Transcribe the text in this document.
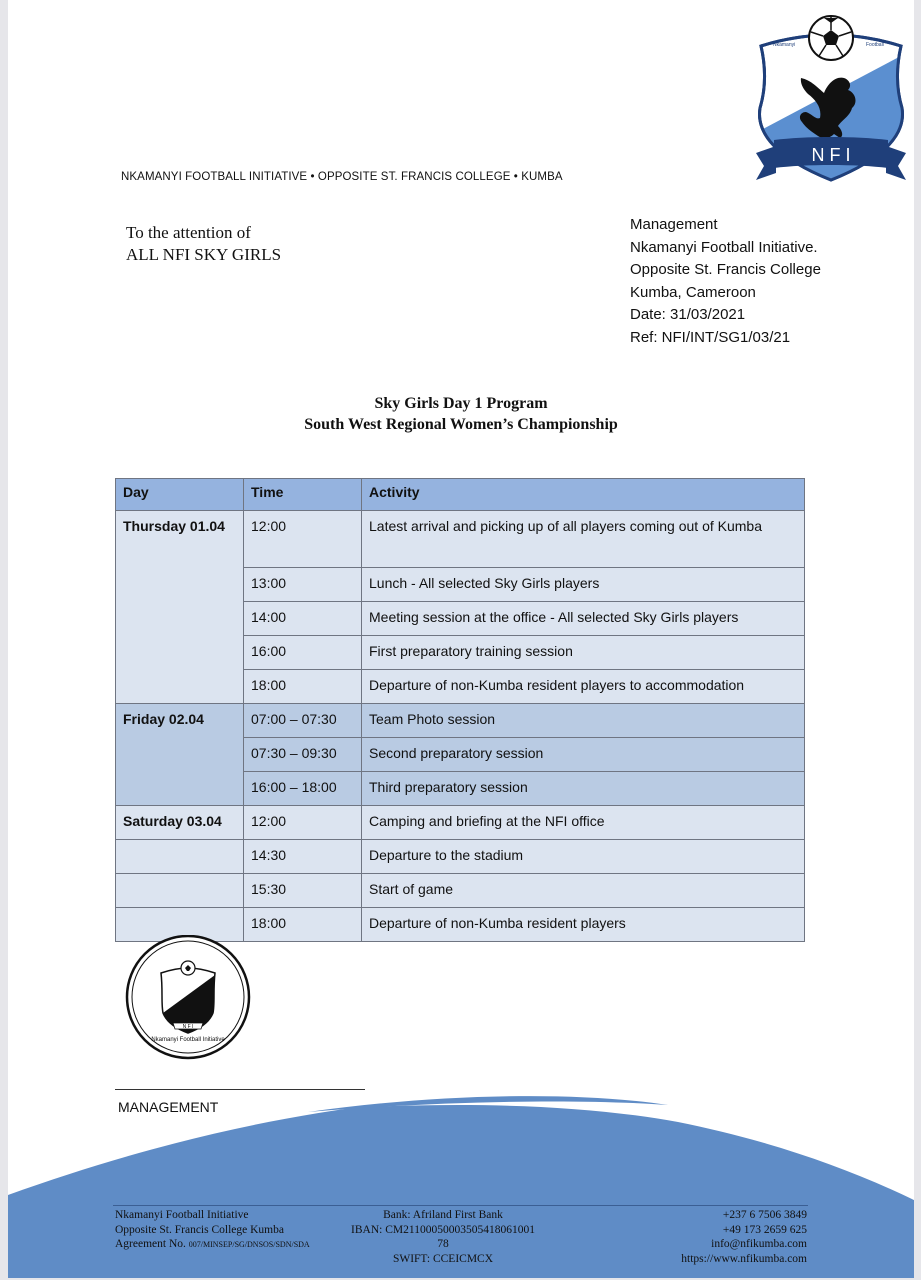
NKAMANYI FOOTBALL INITIATIVE • OPPOSITE ST. FRANCIS COLLEGE • KUMBA
Nkamanyi	Football
N F I
To the attention of
ALL NFI SKY GIRLS
Management
Nkamanyi Football Initiative.
Opposite St. Francis College
Kumba, Cameroon
Date: 31/03/2021
Ref: NFI/INT/SG1/03/21
Sky Girls Day 1 Program
South West Regional Women’s Championship
Day	Time	Activity
Thursday 01.04	12:00	Latest arrival and picking up of all players coming out of Kumba
	13:00	Lunch - All selected Sky Girls players
	14:00	Meeting session at the office - All selected Sky Girls players
	16:00	First preparatory training session
	18:00	Departure of non-Kumba resident players to accommodation
Friday 02.04	07:00 – 07:30	Team Photo session
	07:30 – 09:30	Second preparatory session
	16:00 – 18:00	Third preparatory session
Saturday 03.04	12:00	Camping and briefing at the NFI office
	14:30	Departure to the stadium
	15:30	Start of game
	18:00	Departure of non-Kumba resident players
N F I
Nkamanyi Football Initiative
MANAGEMENT
Nkamanyi Football Initiative
Opposite St. Francis College Kumba
Agreement No. 007/MINSEP/SG/DNSOS/SDN/SDA
Bank: Afriland First Bank
IBAN: CM21100050003505418061001 78
SWIFT: CCEICMCX
+237 6 7506 3849
+49 173 2659 625
info@nfikumba.com
https://www.nfikumba.com
